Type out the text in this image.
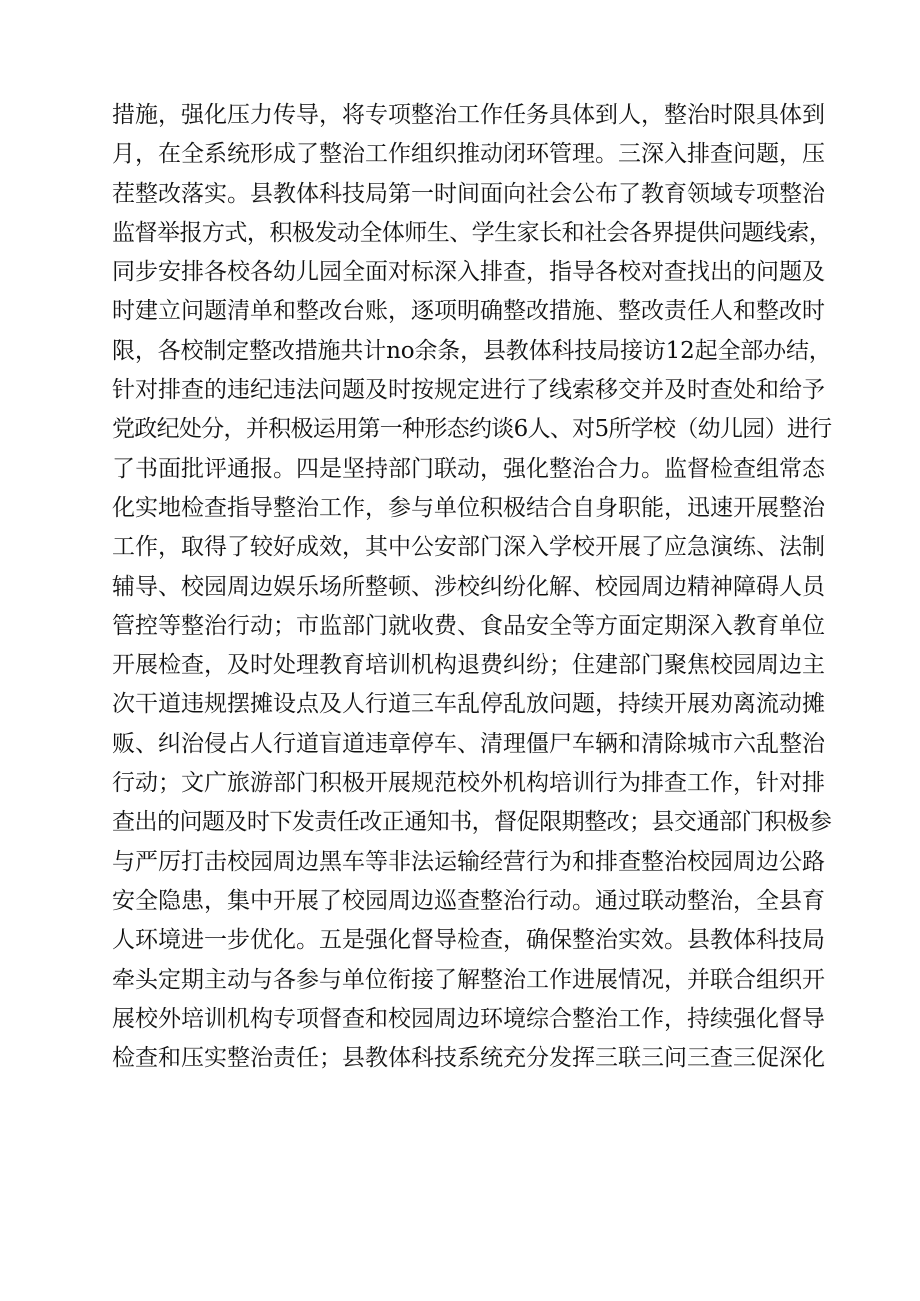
措施，强化压力传导，将专项整治工作任务具体到人，整治时限具体到
月，在全系统形成了整治工作组织推动闭环管理。三深入排查问题，压
茬整改落实。县教体科技局第一时间面向社会公布了教育领域专项整治
监督举报方式，积极发动全体师生、学生家长和社会各界提供问题线索，
同步安排各校各幼儿园全面对标深入排查，指导各校对查找出的问题及
时建立问题清单和整改台账，逐项明确整改措施、整改责任人和整改时
限，各校制定整改措施共计no余条，县教体科技局接访12起全部办结，
针对排查的违纪违法问题及时按规定进行了线索移交并及时查处和给予
党政纪处分，并积极运用第一种形态约谈6人、对5所学校（幼儿园）进行
了书面批评通报。四是坚持部门联动，强化整治合力。监督检查组常态
化实地检查指导整治工作，参与单位积极结合自身职能，迅速开展整治
工作，取得了较好成效，其中公安部门深入学校开展了应急演练、法制
辅导、校园周边娱乐场所整顿、涉校纠纷化解、校园周边精神障碍人员
管控等整治行动；市监部门就收费、食品安全等方面定期深入教育单位
开展检查，及时处理教育培训机构退费纠纷；住建部门聚焦校园周边主
次干道违规摆摊设点及人行道三车乱停乱放问题，持续开展劝离流动摊
贩、纠治侵占人行道盲道违章停车、清理僵尸车辆和清除城市六乱整治
行动；文广旅游部门积极开展规范校外机构培训行为排查工作，针对排
查出的问题及时下发责任改正通知书，督促限期整改；县交通部门积极参
与严厉打击校园周边黑车等非法运输经营行为和排查整治校园周边公路
安全隐患，集中开展了校园周边巡查整治行动。通过联动整治，全县育
人环境进一步优化。五是强化督导检查，确保整治实效。县教体科技局
牵头定期主动与各参与单位衔接了解整治工作进展情况，并联合组织开
展校外培训机构专项督查和校园周边环境综合整治工作，持续强化督导
检查和压实整治责任；县教体科技系统充分发挥三联三问三查三促深化
